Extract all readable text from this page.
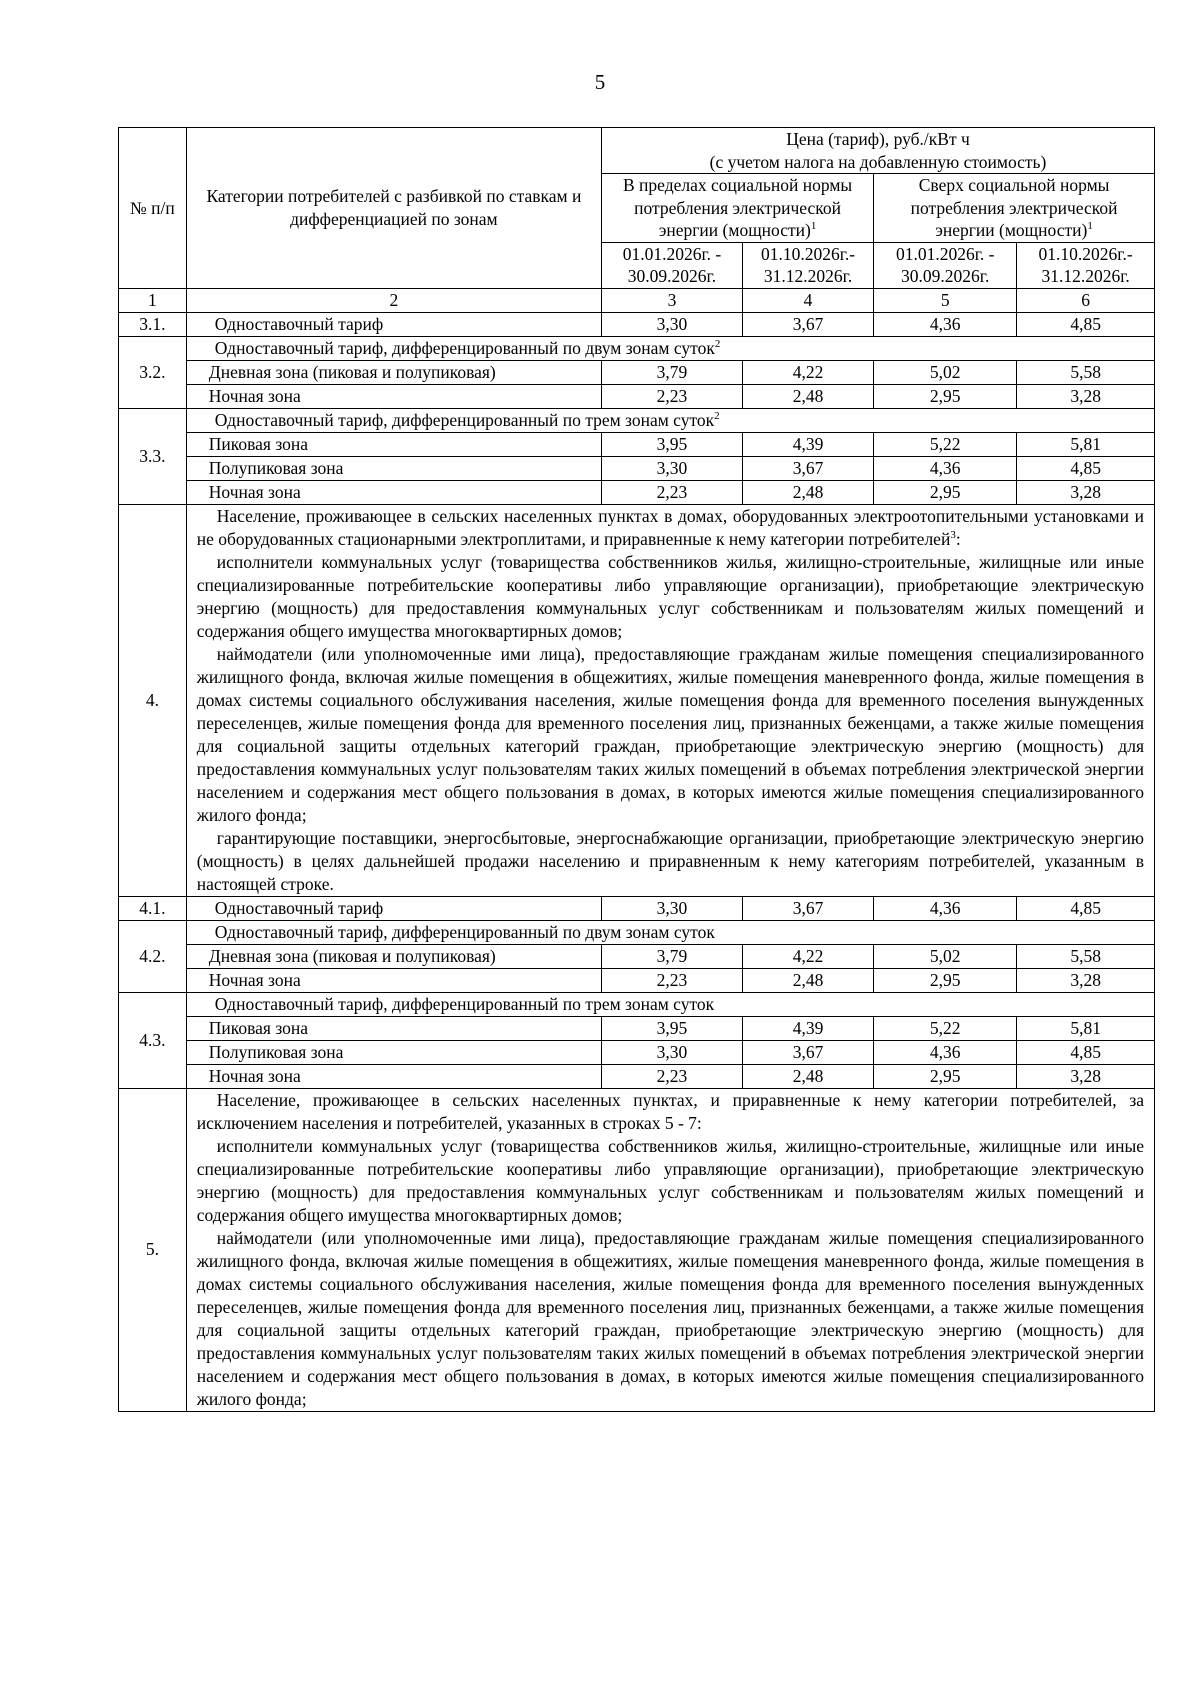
5
№ п/п	Категории потребителей с разбивкой по ставкам и дифференциацией по зонам	Цена (тариф), руб./кВт ч
(с учетом налога на добавленную стоимость)			

		В пределах социальной нормы потребления электрической энергии (мощности)$^1$		Сверх социальной нормы потребления электрической энергии (мощности)$^1$
		01.01.2026г. - 30.09.2026г.	01.10.2026г.- 31.12.2026г.	01.01.2026г. - 30.09.2026г.	01.10.2026г.- 31.12.2026г.
1	2	3	4	5	6
3.1.	Одноставочный тариф	3,30	3,67	4,36	4,85
3.2.	Одноставочный тариф, дифференцированный по двум зонам суток$^2$
	Дневная зона (пиковая и полупиковая)	3,79	4,22	5,02	5,58
	Ночная зона	2,23	2,48	2,95	3,28
3.3.	Одноставочный тариф, дифференцированный по трем зонам суток$^2$
	Пиковая зона	3,95	4,39	5,22	5,81
	Полупиковая зона	3,30	3,67	4,36	4,85
	Ночная зона	2,23	2,48	2,95	3,28
4.	Население, проживающее в сельских населенных пунктах в домах, оборудованных электроотопительными установками и не оборудованных стационарными электроплитами, и приравненные к нему категории потребителей$^3$:

исполнители коммунальных услуг (товарищества собственников жилья, жилищно-строительные, жилищные или иные специализированные потребительские кооперативы либо управляющие организации), приобретающие электрическую энергию (мощность) для предоставления коммунальных услуг собственникам и пользователям жилых помещений и содержания общего имущества многоквартирных домов;

наймодатели (или уполномоченные ими лица), предоставляющие гражданам жилые помещения специализированного жилищного фонда, включая жилые помещения в общежитиях, жилые помещения маневренного фонда, жилые помещения в домах системы социального обслуживания населения, жилые помещения фонда для временного поселения вынужденных переселенцев, жилые помещения фонда для временного поселения лиц, признанных беженцами, а также жилые помещения для социальной защиты отдельных категорий граждан, приобретающие электрическую энергию (мощность) для предоставления коммунальных услуг пользователям таких жилых помещений в объемах потребления электрической энергии населением и содержания мест общего пользования в домах, в которых имеются жилые помещения специализированного жилого фонда;

гарантирующие поставщики, энергосбытовые, энергоснабжающие организации, приобретающие электрическую энергию (мощность) в целях дальнейшей продажи населению и приравненным к нему категориям потребителей, указанным в настоящей строке.				

4.1.	Одноставочный тариф	3,30	3,67	4,36	4,85
4.2.	Одноставочный тариф, дифференцированный по двум зонам суток				
	Дневная зона (пиковая и полупиковая)	3,79	4,22	5,02	5,58
	Ночная зона	2,23	2,48	2,95	3,28
4.3.	Одноставочный тариф, дифференцированный по трем зонам суток				
	Пиковая зона	3,95	4,39	5,22	5,81
	Полупиковая зона	3,30	3,67	4,36	4,85
	Ночная зона	2,23	2,48	2,95	3,28
5.	Население, проживающее в сельских населенных пунктах, и приравненные к нему категории потребителей, за исключением населения и потребителей, указанных в строках 5 - 7:

исполнители коммунальных услуг (товарищества собственников жилья, жилищно-строительные, жилищные или иные специализированные потребительские кооперативы либо управляющие организации), приобретающие электрическую энергию (мощность) для предоставления коммунальных услуг собственникам и пользователям жилых помещений и содержания общего имущества многоквартирных домов;

наймодатели (или уполномоченные ими лица), предоставляющие гражданам жилые помещения специализированного жилищного фонда, включая жилые помещения в общежитиях, жилые помещения маневренного фонда, жилые помещения в домах системы социального обслуживания населения, жилые помещения фонда для временного поселения вынужденных переселенцев, жилые помещения фонда для временного поселения лиц, признанных беженцами, а также жилые помещения для социальной защиты отдельных категорий граждан, приобретающие электрическую энергию (мощность) для предоставления коммунальных услуг пользователям таких жилых помещений в объемах потребления электрической энергии населением и содержания мест общего пользования в домах, в которых имеются жилые помещения специализированного жилого фонда;				
